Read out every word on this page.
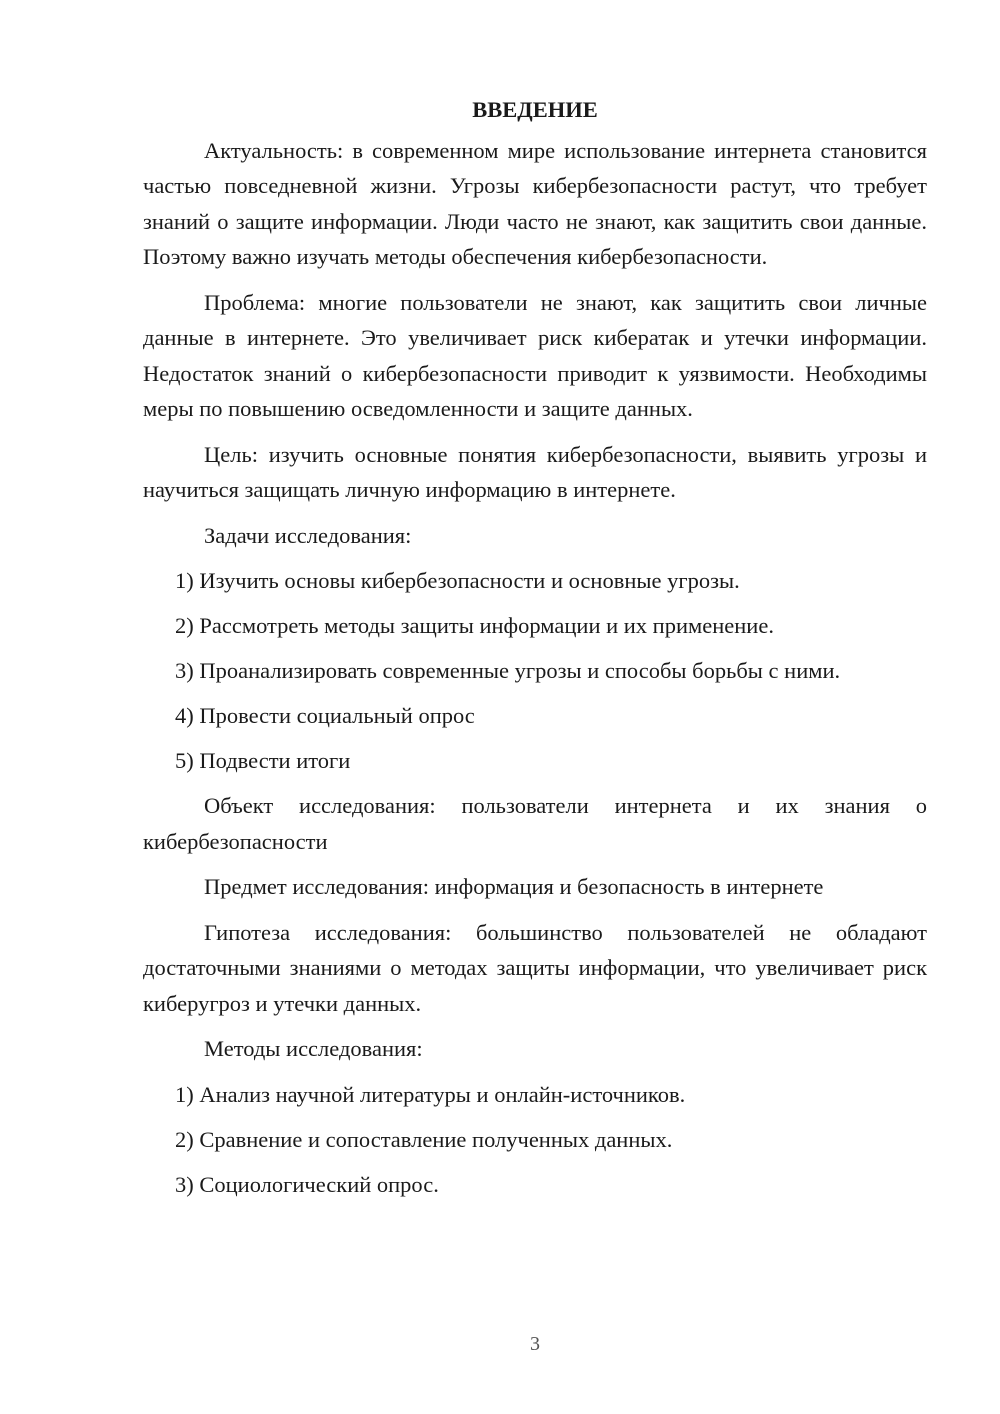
ВВЕДЕНИЕ
Актуальность: в современном мире использование интернета становится частью повседневной жизни. Угрозы кибербезопасности растут, что требует знаний о защите информации. Люди часто не знают, как защитить свои данные. Поэтому важно изучать методы обеспечения кибербезопасности.
Проблема: многие пользователи не знают, как защитить свои личные данные в интернете. Это увеличивает риск кибератак и утечки информации. Недостаток знаний о кибербезопасности приводит к уязвимости. Необходимы меры по повышению осведомленности и защите данных.
Цель: изучить основные понятия кибербезопасности, выявить угрозы и научиться защищать личную информацию в интернете.
Задачи исследования:
1) Изучить основы кибербезопасности и основные угрозы.
2) Рассмотреть методы защиты информации и их применение.
3) Проанализировать современные угрозы и способы борьбы с ними.
4) Провести социальный опрос
5) Подвести итоги
Объект исследования: пользователи интернета и их знания о кибербезопасности
Предмет исследования: информация и безопасность в интернете
Гипотеза исследования: большинство пользователей не обладают достаточными знаниями о методах защиты информации, что увеличивает риск киберугроз и утечки данных.
Методы исследования:
1) Анализ научной литературы и онлайн-источников.
2) Сравнение и сопоставление полученных данных.
3) Социологический опрос.
3
